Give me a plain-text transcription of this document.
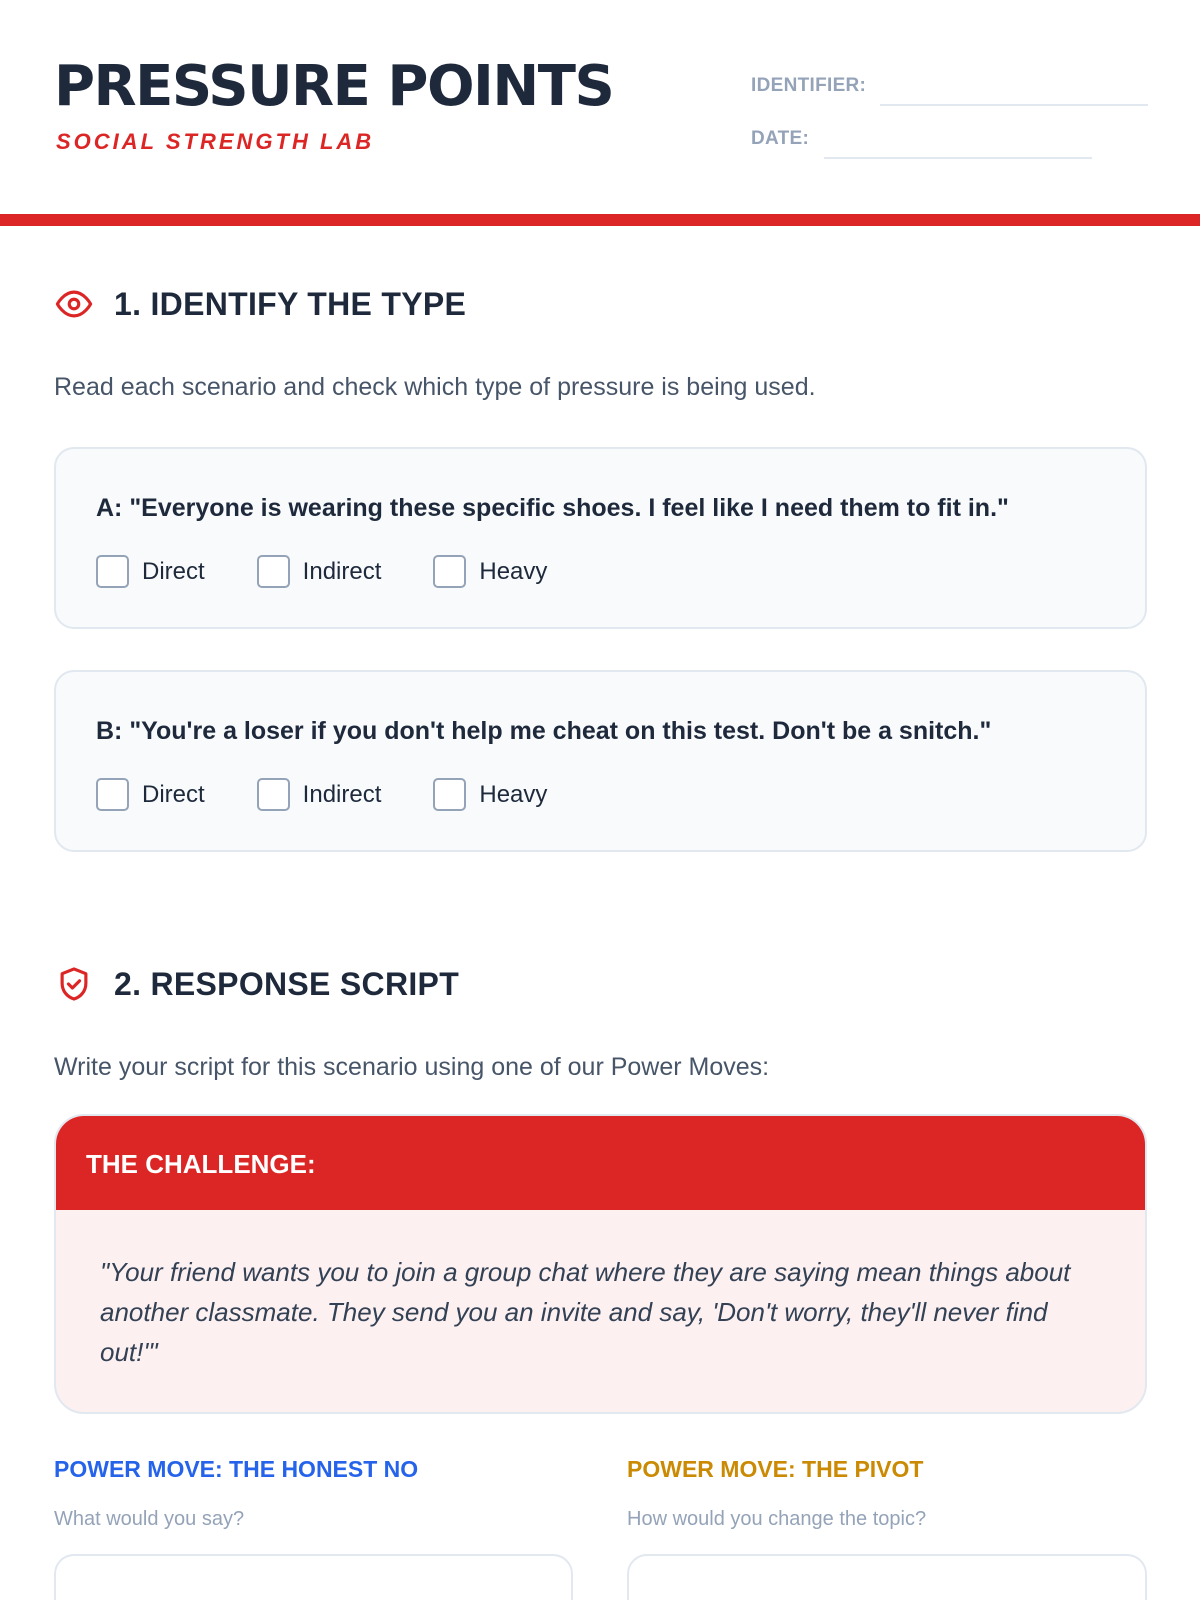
PRESSURE POINTS
SOCIAL STRENGTH LAB
IDENTIFIER:
DATE:
1. IDENTIFY THE TYPE
Read each scenario and check which type of pressure is being used.
A: "Everyone is wearing these specific shoes. I feel like I need them to fit in."
Direct	Indirect	Heavy
B: "You're a loser if you don't help me cheat on this test. Don't be a snitch."
Direct	Indirect	Heavy
2. RESPONSE SCRIPT
Write your script for this scenario using one of our Power Moves:
THE CHALLENGE:
"Your friend wants you to join a group chat where they are saying mean things about another classmate. They send you an invite and say, 'Don't worry, they'll never find out!'"
POWER MOVE: THE HONEST NO
What would you say?
POWER MOVE: THE PIVOT
How would you change the topic?
